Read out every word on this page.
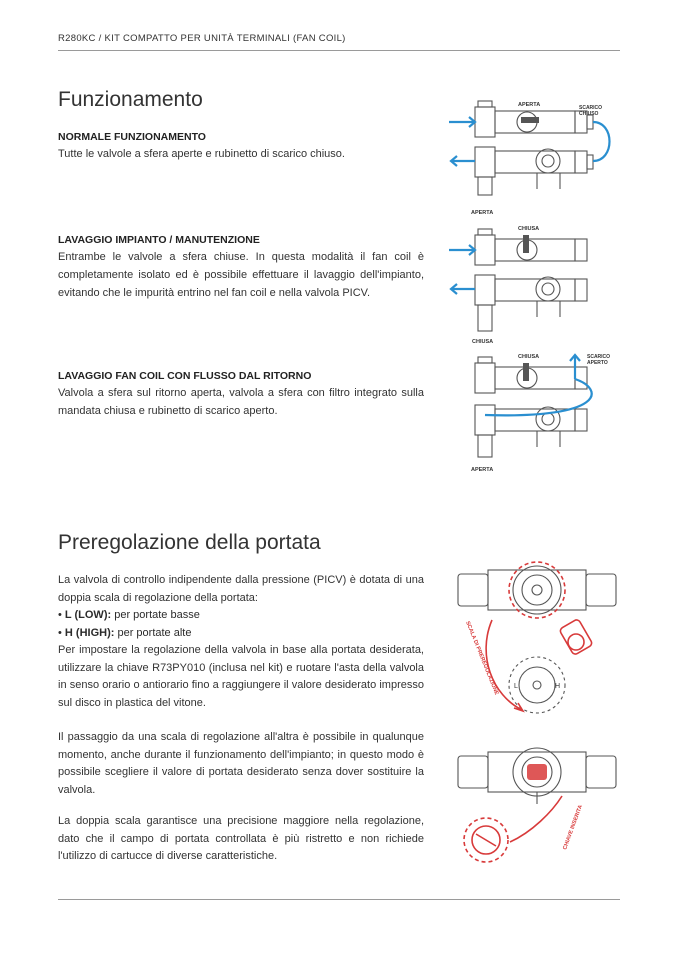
R280KC / KIT COMPATTO PER UNITÀ TERMINALI (FAN COIL)
Funzionamento
NORMALE FUNZIONAMENTO
Tutte le valvole a sfera aperte e rubinetto di scarico chiuso.
LAVAGGIO IMPIANTO / MANUTENZIONE
Entrambe le valvole a sfera chiuse. In questa modalità il fan coil è completamente isolato ed è possibile effettuare il lavaggio dell'impianto, evitando che le impurità entrino nel fan coil e nella valvola PICV.
LAVAGGIO FAN COIL CON FLUSSO DAL RITORNO
Valvola a sfera sul ritorno aperta, valvola a sfera con filtro integrato sulla mandata chiusa e rubinetto di scarico aperto.
APERTA	SCARICO
CHIUSO
APERTA
CHIUSA
CHIUSA
CHIUSA	SCARICO
APERTO
APERTA
Preregolazione della portata
La valvola di controllo indipendente dalla pressione (PICV) è dotata di una doppia scala di regolazione della portata:
• L (LOW): per portate basse
• H (HIGH): per portate alte
Per impostare la regolazione della valvola in base alla portata desiderata, utilizzare la chiave R73PY010 (inclusa nel kit) e ruotare l'asta della valvola in senso orario o antiorario fino a raggiungere il valore desiderato impresso sul disco in plastica del vitone.
Il passaggio da una scala di regolazione all'altra è possibile in qualunque momento, anche durante il funzionamento dell'impianto; in questo modo è possibile scegliere il valore di portata desiderato senza dover sostituire la valvola.
La doppia scala garantisce una precisione maggiore nella regolazione, dato che il campo di portata controllata è più ristretto e non richiede l'utilizzo di cartucce di diverse caratteristiche.
SCALA DI PREREGOLAZIONE L	H
CHIAVE INSERITA
